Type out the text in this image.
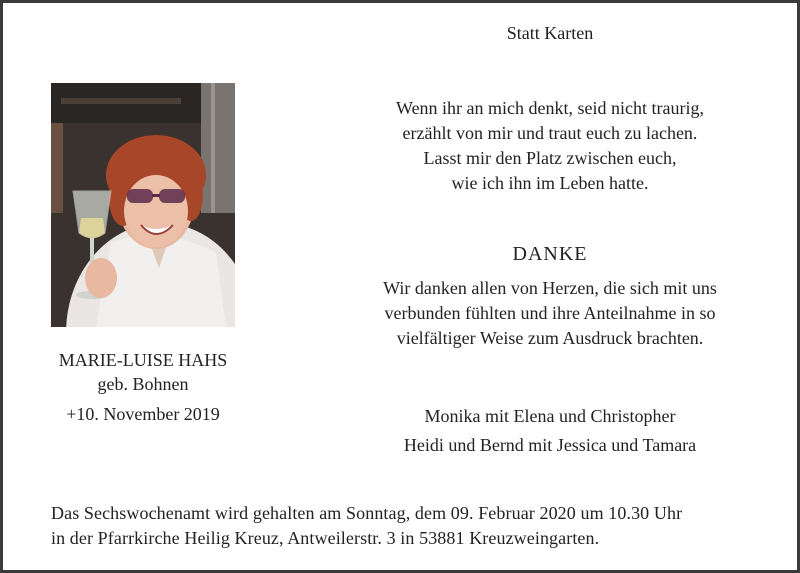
Statt Karten
Wenn ihr an mich denkt, seid nicht traurig,
erzählt von mir und traut euch zu lachen.
Lasst mir den Platz zwischen euch,
wie ich ihn im Leben hatte.
DANKE
Wir danken allen von Herzen, die sich mit uns
verbunden fühlten und ihre Anteilnahme in so
vielfältiger Weise zum Ausdruck brachten.
MARIE-LUISE HAHS
geb. Bohnen
+10. November 2019	Monika mit Elena und Christopher
Heidi und Bernd mit Jessica und Tamara
Das Sechswochenamt wird gehalten am Sonntag, dem 09. Februar 2020 um 10.30 Uhr
in der Pfarrkirche Heilig Kreuz, Antweilerstr. 3 in 53881 Kreuzweingarten.
